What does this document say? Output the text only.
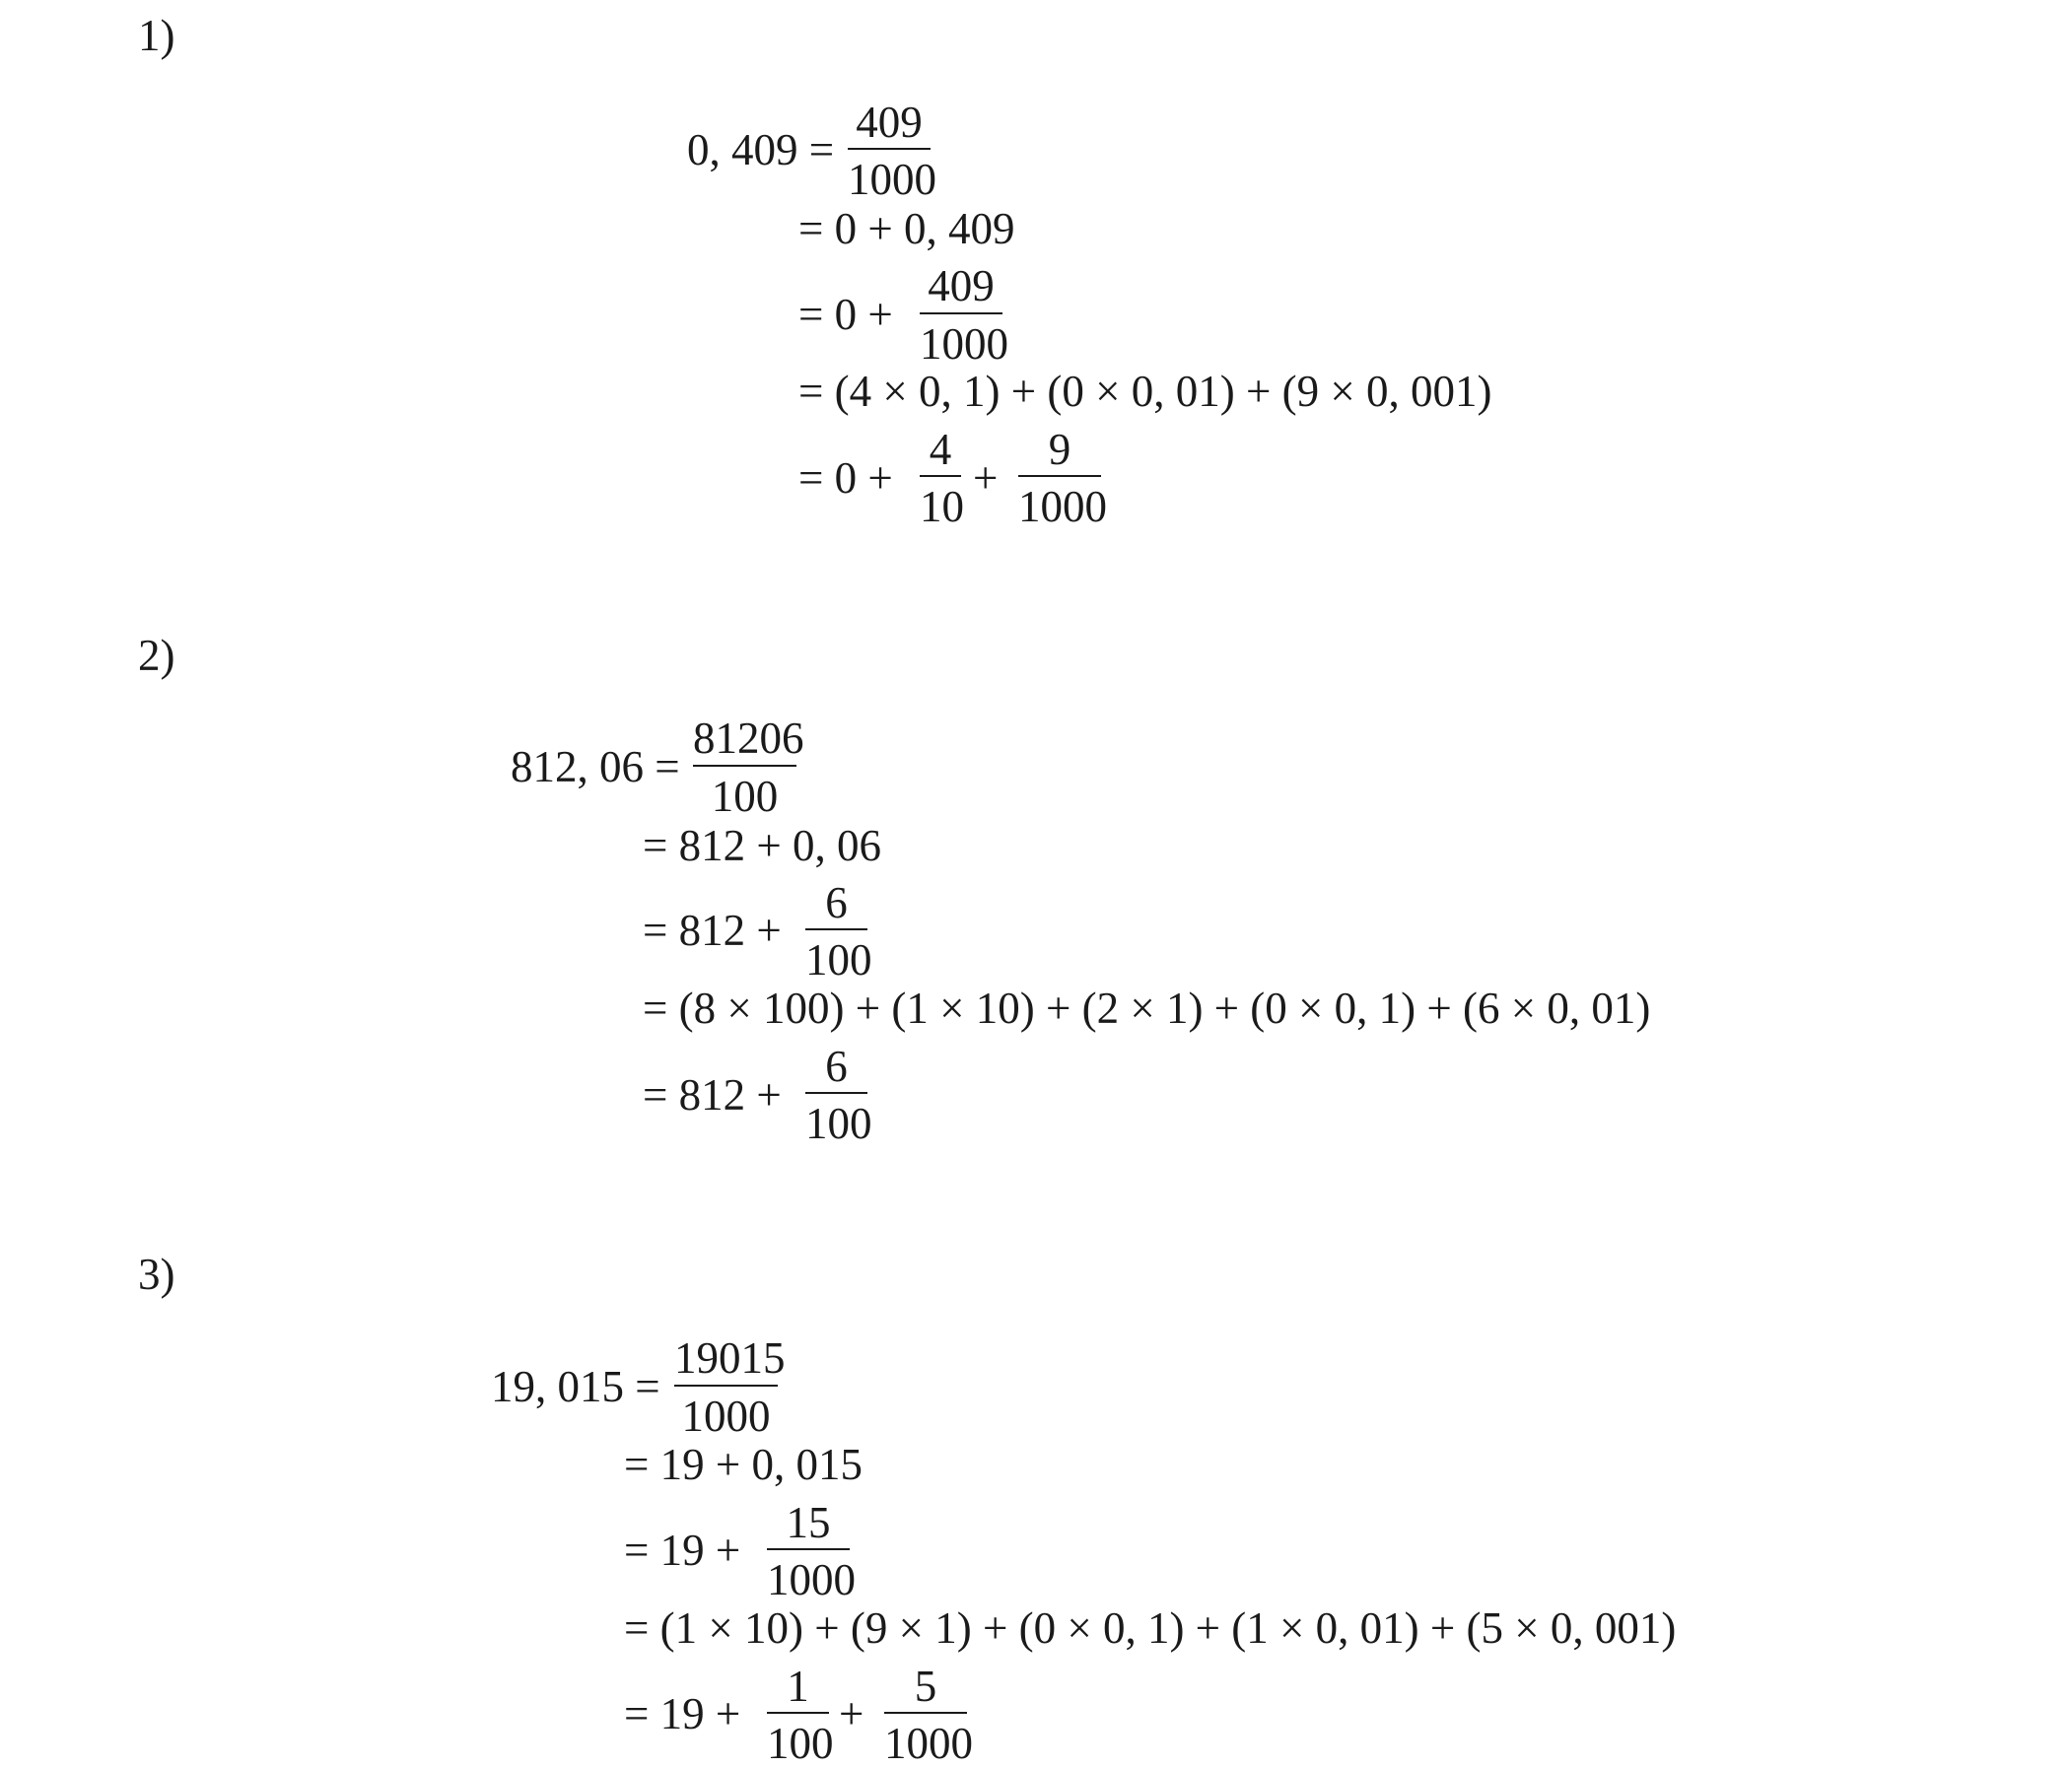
1)
2)
3)
0, 409 =
409
1000
= 0 + 0, 409
= 0 +
409
1000
= (4 × 0, 1) + (0 × 0, 01) + (9 × 0, 001)
= 0 +
4
10
+
9
1000
812, 06 =
81206
100
= 812 + 0, 06
= 812 +
6
100
= (8 × 100) + (1 × 10) + (2 × 1) + (0 × 0, 1) + (6 × 0, 01)
= 812 +
6
100
19, 015 =
19015
1000
= 19 + 0, 015
= 19 +
15
1000
= (1 × 10) + (9 × 1) + (0 × 0, 1) + (1 × 0, 01) + (5 × 0, 001)
= 19 +
1
100
+
5
1000
